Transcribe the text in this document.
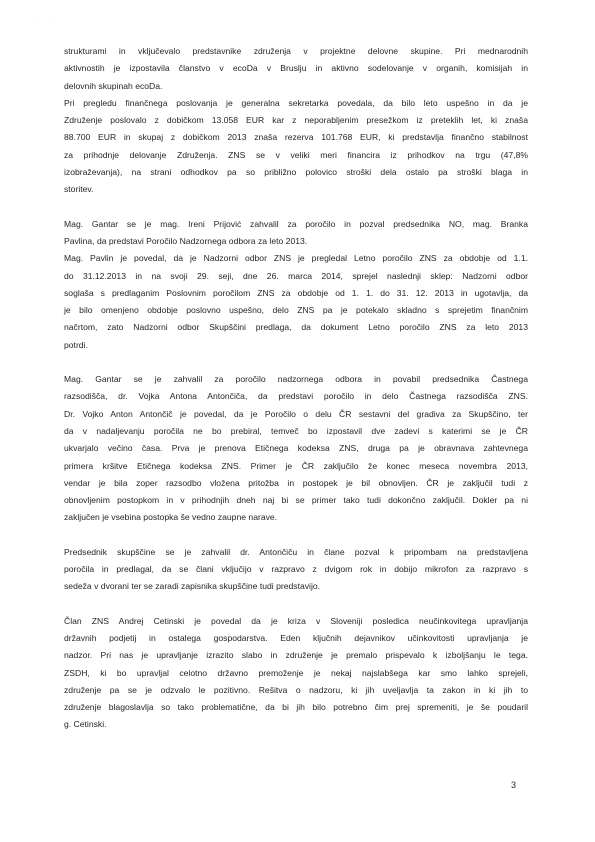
. .

strukturami in vključevalo predstavnike združenja v projektne delovne skupine. Pri mednarodnih
aktivnostih je izpostavila članstvo v ecoDa v Bruslju in aktivno sodelovanje v organih, komisijah in
delovnih skupinah ecoDa.
Pri pregledu finančnega poslovanja je generalna sekretarka povedala, da bilo leto uspešno in da je
Združenje poslovalo z dobičkom 13.058 EUR kar z neporabljenim presežkom iz preteklih let, ki znaša
88.700 EUR in skupaj z dobičkom 2013 znaša rezerva 101.768 EUR, ki predstavlja finančno stabilnost
za prihodnje delovanje Združenja. ZNS se v veliki meri financira iz prihodkov na trgu (47,8%
izobraževanja), na strani odhodkov pa so približno polovico stroški dela ostalo pa stroški blaga in
storitev.

Mag. Gantar se je mag. Ireni Prijović zahvalil za poročilo in pozval predsednika NO, mag. Branka
Pavlina, da predstavi Poročilo Nadzornega odbora za leto 2013.
Mag. Pavlin je povedal, da je Nadzorni odbor ZNS je pregledal Letno poročilo ZNS za obdobje od 1.1.
do 31.12.2013 in na svoji 29. seji, dne 26. marca 2014, sprejel naslednji sklep: Nadzorni odbor
soglaša s predlaganim Poslovnim poročilom ZNS za obdobje od 1. 1. do 31. 12. 2013 in ugotavlja, da
je bilo omenjeno obdobje poslovno uspešno, delo ZNS pa je potekalo skladno s sprejetim finančnim
načrtom, zato Nadzorni odbor Skupščini predlaga, da dokument Letno poročilo ZNS za leto 2013
potrdi.

Mag. Gantar se je zahvalil za poročilo nadzornega odbora in povabil predsednika Častnega
razsodišča, dr. Vojka Antona Antončiča, da predstavi poročilo in delo Častnega razsodišča ZNS.
Dr. Vojko Anton Antončič je povedal, da je Poročilo o delu ČR sestavni del gradiva za Skupščino, ter
da v nadaljevanju poročila ne bo prebiral, temveč bo izpostavil dve zadevi s katerimi se je ČR
ukvarjalo večino časa. Prva je prenova Etičnega kodeksa ZNS, druga pa je obravnava zahtevnega
primera kršitve Etičnega kodeksa ZNS. Primer je ČR zaključilo že konec meseca novembra 2013,
vendar je bila zoper razsodbo vložena pritožba in postopek je bil obnovljen. ČR je zaključil tudi z
obnovljenim postopkom in v prihodnjih dneh naj bi se primer tako tudi dokončno zaključil. Dokler pa ni
zaključen je vsebina postopka še vedno zaupne narave.

Predsednik skupščine se je zahvalil dr. Antončiču in člane pozval k pripombam na predstavljena
poročila in predlagal, da se člani vključijo v razpravo z dvigom rok in dobijo mikrofon za razpravo s
sedeža v dvorani ter se zaradi zapisnika skupščine tudi predstavijo.

Član ZNS Andrej Cetinski je povedal da je kriza v Sloveniji posledica neučinkovitega upravljanja
državnih podjetij in ostalega gospodarstva. Eden ključnih dejavnikov učinkovitosti upravljanja je
nadzor. Pri nas je upravljanje izrazito slabo in združenje je premalo prispevalo k izboljšanju le tega.
ZSDH, ki bo upravljal celotno državno premoženje je nekaj najslabšega kar smo lahko sprejeli,
združenje pa se je odzvalo le pozitivno. Rešitva o nadzoru, ki jih uveljavlja ta zakon in ki jih to
združenje blagoslavlja so tako problematične, da bi jih bilo potrebno čim prej spremeniti, je še poudaril
g. Cetinski.

3
